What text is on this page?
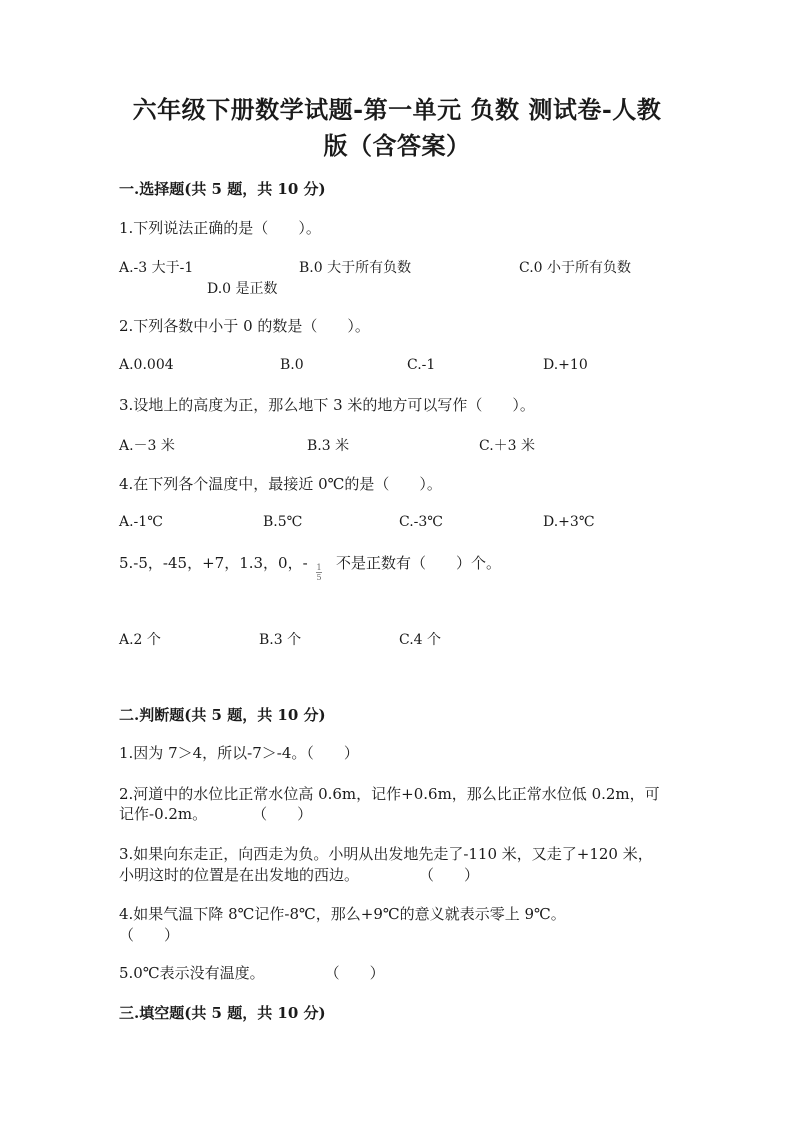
六年级下册数学试题-第一单元 负数 测试卷-人教
版（含答案）
一.选择题(共 5 题，共 10 分)
1.下列说法正确的是（　　）。
A.-3 大于-1	B.0 大于所有负数	C.0 小于所有负数
D.0 是正数
2.下列各数中小于 0 的数是（　　）。
A.0.004	B.0	C.-1	D.+10
3.设地上的高度为正，那么地下 3 米的地方可以写作（　　）。
A.－3 米	B.3 米	C.＋3 米
4.在下列各个温度中，最接近 0℃的是（　　）。
A.-1℃	B.5℃	C.-3℃	D.+3℃
5.-5，-45，+7，1.3，0，-	1
5
不是正数有（　　）个。
A.2 个	B.3 个	C.4 个
二.判断题(共 5 题，共 10 分)
1.因为 7＞4，所以-7＞-4。（　　）
2.河道中的水位比正常水位高 0.6m，记作+0.6m，那么比正常水位低 0.2m，可
记作-0.2m。　　　　（　　）
3.如果向东走正，向西走为负。小明从出发地先走了-110 米，又走了+120 米，
小明这时的位置是在出发地的西边。　　　　　（　　）
4.如果气温下降 8℃记作-8℃，那么+9℃的意义就表示零上 9℃。
（　　）
5.0℃表示没有温度。　　　　　（　　）
三.填空题(共 5 题，共 10 分)
